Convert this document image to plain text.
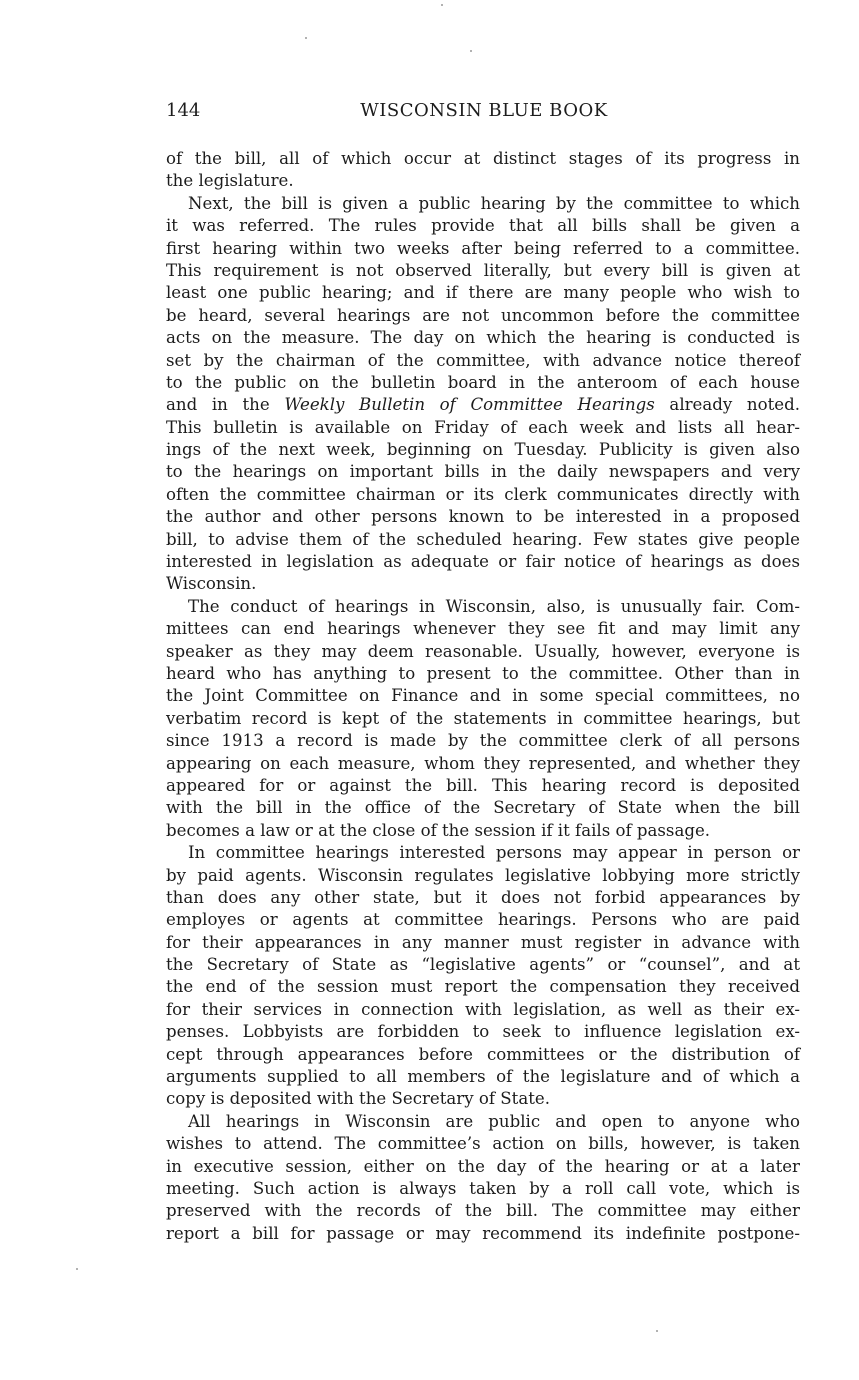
144	WISCONSIN BLUE BOOK
of the bill, all of which occur at distinct stages of its progress in
the legislature.
Next, the bill is given a public hearing by the committee to which
it was referred. The rules provide that all bills shall be given a
first hearing within two weeks after being referred to a committee.
This requirement is not observed literally, but every bill is given at
least one public hearing; and if there are many people who wish to
be heard, several hearings are not uncommon before the committee
acts on the measure. The day on which the hearing is conducted is
set by the chairman of the committee, with advance notice thereof
to the public on the bulletin board in the anteroom of each house
and in the Weekly Bulletin of Committee Hearings already noted.
This bulletin is available on Friday of each week and lists all hear-
ings of the next week, beginning on Tuesday. Publicity is given also
to the hearings on important bills in the daily newspapers and very
often the committee chairman or its clerk communicates directly with
the author and other persons known to be interested in a proposed
bill, to advise them of the scheduled hearing. Few states give people
interested in legislation as adequate or fair notice of hearings as does
Wisconsin.
The conduct of hearings in Wisconsin, also, is unusually fair. Com-
mittees can end hearings whenever they see fit and may limit any
speaker as they may deem reasonable. Usually, however, everyone is
heard who has anything to present to the committee. Other than in
the Joint Committee on Finance and in some special committees, no
verbatim record is kept of the statements in committee hearings, but
since 1913 a record is made by the committee clerk of all persons
appearing on each measure, whom they represented, and whether they
appeared for or against the bill. This hearing record is deposited
with the bill in the office of the Secretary of State when the bill
becomes a law or at the close of the session if it fails of passage.
In committee hearings interested persons may appear in person or
by paid agents. Wisconsin regulates legislative lobbying more strictly
than does any other state, but it does not forbid appearances by
employes or agents at committee hearings. Persons who are paid
for their appearances in any manner must register in advance with
the Secretary of State as “legislative agents” or “counsel”, and at
the end of the session must report the compensation they received
for their services in connection with legislation, as well as their ex-
penses. Lobbyists are forbidden to seek to influence legislation ex-
cept through appearances before committees or the distribution of
arguments supplied to all members of the legislature and of which a
copy is deposited with the Secretary of State.
All hearings in Wisconsin are public and open to anyone who
wishes to attend. The committee’s action on bills, however, is taken
in executive session, either on the day of the hearing or at a later
meeting. Such action is always taken by a roll call vote, which is
preserved with the records of the bill. The committee may either
report a bill for passage or may recommend its indefinite postpone-
